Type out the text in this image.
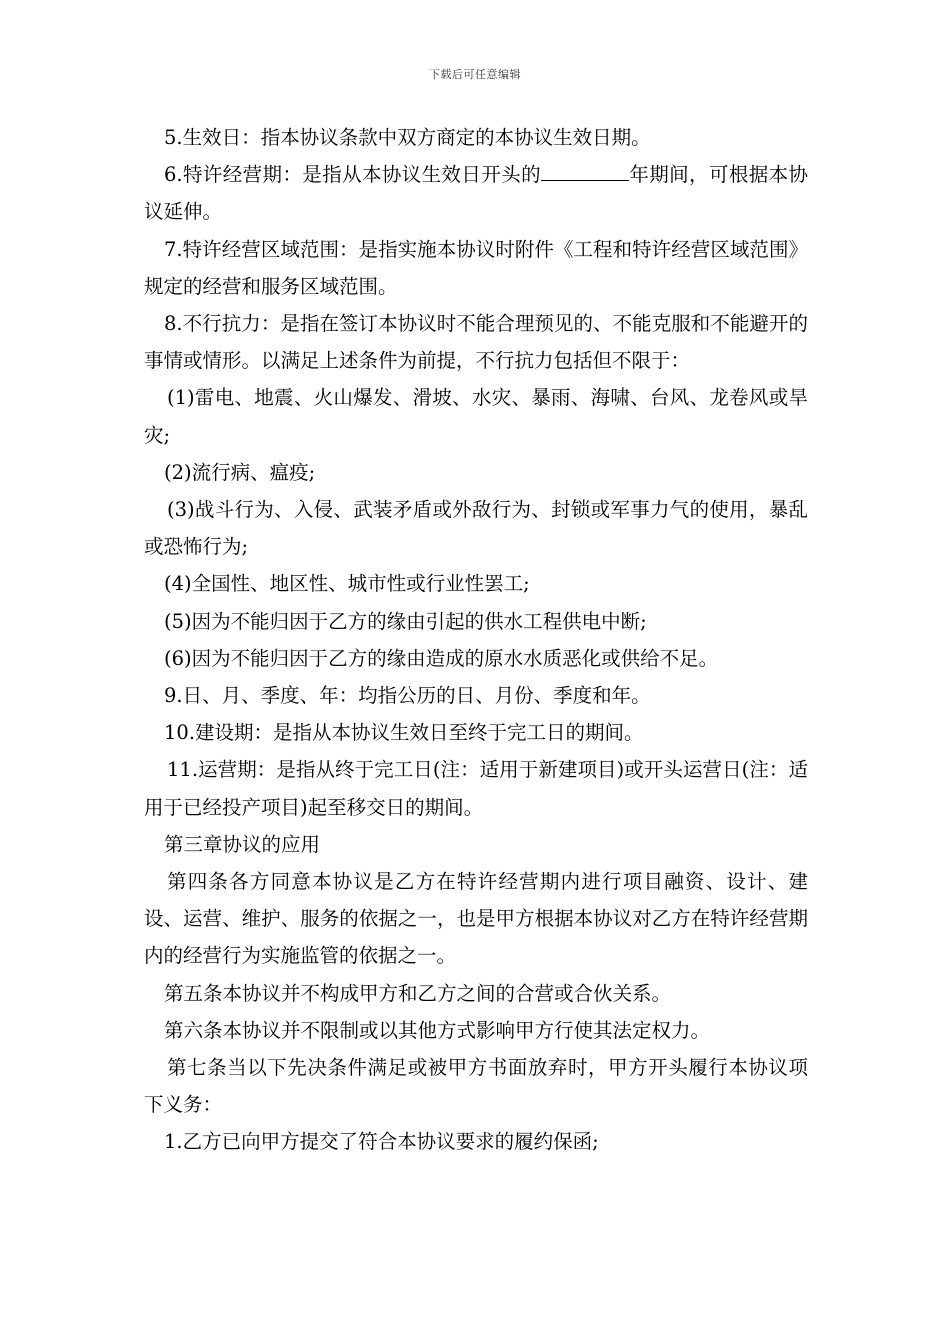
下载后可任意编辑

5.生效日：指本协议条款中双方商定的本协议生效日期。

6.特许经营期：是指从本协议生效日开头的	年期间，可根据本协议延伸。

7.特许经营区域范围：是指实施本协议时附件《工程和特许经营区域范围》规定的经营和服务区域范围。

8.不行抗力：是指在签订本协议时不能合理预见的、不能克服和不能避开的事情或情形。以满足上述条件为前提，不行抗力包括但不限于：

(1)雷电、地震、火山爆发、滑坡、水灾、暴雨、海啸、台风、龙卷风或旱灾;

(2)流行病、瘟疫;

(3)战斗行为、入侵、武装矛盾或外敌行为、封锁或军事力气的使用，暴乱或恐怖行为;

(4)全国性、地区性、城市性或行业性罢工;

(5)因为不能归因于乙方的缘由引起的供水工程供电中断;

(6)因为不能归因于乙方的缘由造成的原水水质恶化或供给不足。

9.日、月、季度、年：均指公历的日、月份、季度和年。

10.建设期：是指从本协议生效日至终于完工日的期间。

11.运营期：是指从终于完工日(注：适用于新建项目)或开头运营日(注：适用于已经投产项目)起至移交日的期间。

第三章协议的应用

第四条各方同意本协议是乙方在特许经营期内进行项目融资、设计、建设、运营、维护、服务的依据之一，也是甲方根据本协议对乙方在特许经营期内的经营行为实施监管的依据之一。

第五条本协议并不构成甲方和乙方之间的合营或合伙关系。

第六条本协议并不限制或以其他方式影响甲方行使其法定权力。

第七条当以下先决条件满足或被甲方书面放弃时，甲方开头履行本协议项下义务：

1.乙方已向甲方提交了符合本协议要求的履约保函;
